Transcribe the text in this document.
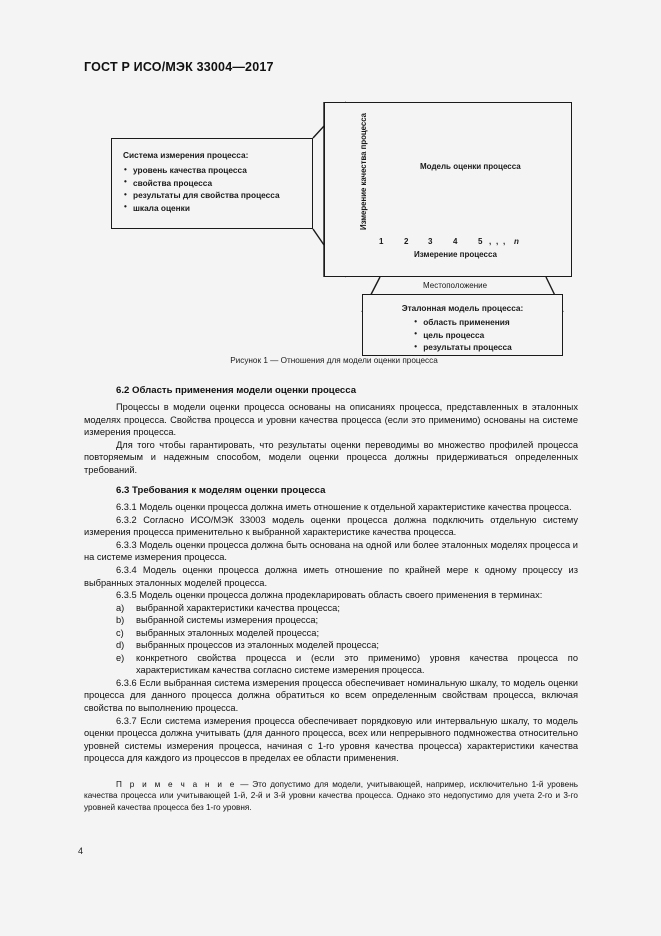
ГОСТ Р ИСО/МЭК 33004—2017
Система измерения процесса:
• уровень качества процесса
• свойства процесса
• результаты для свойства процесса
• шкала оценки	Измерение качества процесса	Модель оценки процесса
1	2 3	4	5 , , , n
Измерение процесса
Местоположение
Эталонная модель процесса:
• область применения
• цель процесса
• результаты процесса
Рисунок 1 — Отношения для модели оценки процесса
6.2 Область применения модели оценки процесса

Процессы в модели оценки процесса основаны на описаниях процесса, представленных в эталонных моделях процесса. Свойства процесса и уровни качества процесса (если это применимо) основаны на системе измерения процесса.

Для того чтобы гарантировать, что результаты оценки переводимы во множество профилей процесса повторяемым и надежным способом, модели оценки процесса должны придерживаться определенных требований.

6.3 Требования к моделям оценки процесса

6.3.1 Модель оценки процесса должна иметь отношение к отдельной характеристике качества процесса.

6.3.2 Согласно ИСО/МЭК 33003 модель оценки процесса должна подключить отдельную систему измерения процесса применительно к выбранной характеристике качества процесса.

6.3.3 Модель оценки процесса должна быть основана на одной или более эталонных моделях процесса и на системе измерения процесса.

6.3.4 Модель оценки процесса должна иметь отношение по крайней мере к одному процессу из выбранных эталонных моделей процесса.

6.3.5 Модель оценки процесса должна продекларировать область своего применения в терминах:

a) выбранной характеристики качества процесса;
b) выбранной системы измерения процесса;
c) выбранных эталонных моделей процесса;
d) выбранных процессов из эталонных моделей процесса;
e) конкретного свойства процесса и (если это применимо) уровня качества процесса по характеристикам качества согласно системе измерения процесса.

6.3.6 Если выбранная система измерения процесса обеспечивает номинальную шкалу, то модель оценки процесса для данного процесса должна обратиться ко всем определенным свойствам процесса, включая свойства по выполнению процесса.

6.3.7 Если система измерения процесса обеспечивает порядковую или интервальную шкалу, то модель оценки процесса должна учитывать (для данного процесса, всех или непрерывного подмножества относительно уровней системы измерения процесса, начиная с 1-го уровня качества процесса) характеристики качества процесса для каждого из процессов в пределах ее области применения.

П р и м е ч а н и е — Это допустимо для модели, учитывающей, например, исключительно 1-й уровень качества процесса или учитывающей 1-й, 2-й и 3-й уровни качества процесса. Однако это недопустимо для учета 2-го и 3-го уровней качества процесса без 1-го уровня.

4
